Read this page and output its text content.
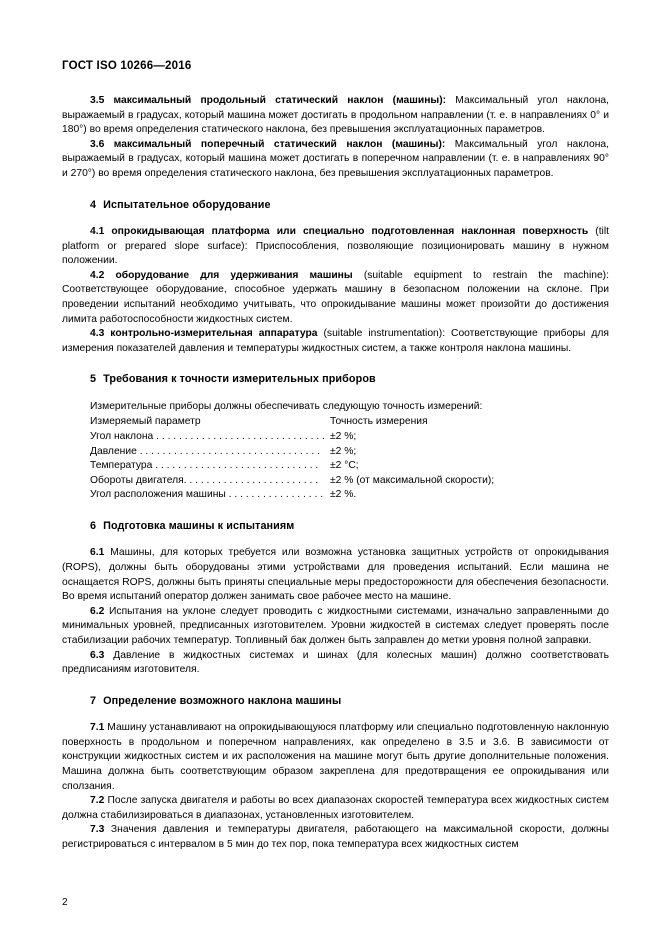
ГОСТ ISO 10266—2016

3.5 максимальный продольный статический наклон (машины): Максимальный угол наклона, выражаемый в градусах, который машина может достигать в продольном направлении (т. е. в направлениях 0° и 180°) во время определения статического наклона, без превышения эксплуатационных параметров.

3.6 максимальный поперечный статический наклон (машины): Максимальный угол наклона, выражаемый в градусах, который машина может достигать в поперечном направлении (т. е. в направлениях 90° и 270°) во время определения статического наклона, без превышения эксплуатационных параметров.

4 Испытательное оборудование

4.1 опрокидывающая платформа или специально подготовленная наклонная поверхность (tilt platform or prepared slope surface): Приспособления, позволяющие позиционировать машину в нужном положении.

4.2 оборудование для удерживания машины (suitable equipment to restrain the machine): Соответствующее оборудование, способное удержать машину в безопасном положении на склоне. При проведении испытаний необходимо учитывать, что опрокидывание машины может произойти до достижения лимита работоспособности жидкостных систем.

4.3 контрольно-измерительная аппаратура (suitable instrumentation): Соответствующие приборы для измерения показателей давления и температуры жидкостных систем, а также контроля наклона машины.

5 Требования к точности измерительных приборов

Измерительные приборы должны обеспечивать следующую точность измерений:

Измеряемый параметр	Точность измерения
Угол наклона . . . . . . . . . . . . . . . . . . . . . . . . . . . . . . ±2 %;
Давление . . . . . . . . . . . . . . . . . . . . . . . . . . . . . . . . ±2 %;
Температура . . . . . . . . . . . . . . . . . . . . . . . . . . . . .	±2 °C;
Обороты двигателя. . . . . . . . . . . . . . . . . . . . . . . .	±2 % (от максимальной скорости);
Угол расположения машины . . . . . . . . . . . . . . . . . ±2 %.
6 Подготовка машины к испытаниям

6.1 Машины, для которых требуется или возможна установка защитных устройств от опрокидывания (ROPS), должны быть оборудованы этими устройствами для проведения испытаний. Если машина не оснащается ROPS, должны быть приняты специальные меры предосторожности для обеспечения безопасности. Во время испытаний оператор должен занимать свое рабочее место на машине.

6.2 Испытания на уклоне следует проводить с жидкостными системами, изначально заправленными до минимальных уровней, предписанных изготовителем. Уровни жидкостей в системах следует проверять после стабилизации рабочих температур. Топливный бак должен быть заправлен до метки уровня полной заправки.

6.3 Давление в жидкостных системах и шинах (для колесных машин) должно соответствовать предписаниям изготовителя.

7 Определение возможного наклона машины

7.1 Машину устанавливают на опрокидывающуюся платформу или специально подготовленную наклонную поверхность в продольном и поперечном направлениях, как определено в 3.5 и 3.6. В зависимости от конструкции жидкостных систем и их расположения на машине могут быть другие дополнительные положения. Машина должна быть соответствующим образом закреплена для предотвращения ее опрокидывания или сползания.

7.2 После запуска двигателя и работы во всех диапазонах скоростей температура всех жидкостных систем должна стабилизироваться в диапазонах, установленных изготовителем.

7.3 Значения давления и температуры двигателя, работающего на максимальной скорости, должны регистрироваться с интервалом в 5 мин до тех пор, пока температура всех жидкостных систем

2
